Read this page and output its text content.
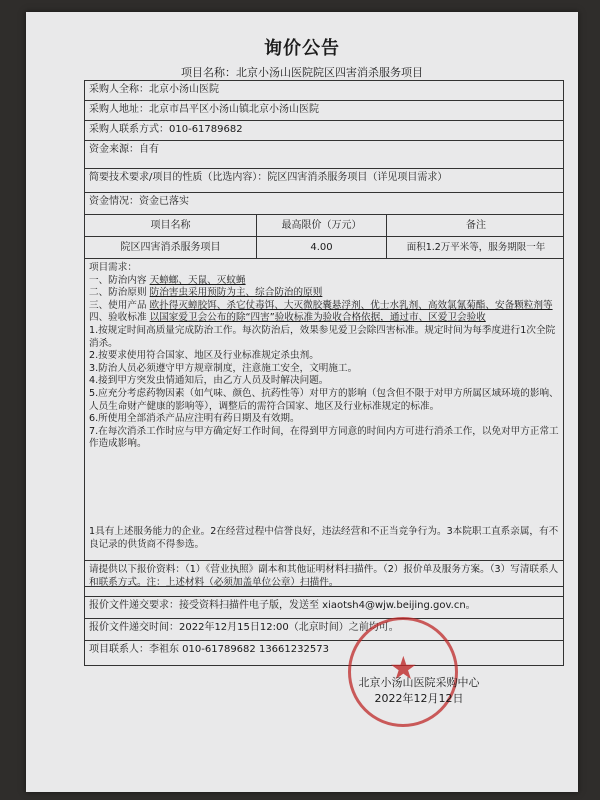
询价公告
项目名称：北京小汤山医院院区四害消杀服务项目
采购人全称：北京小汤山医院
采购人地址：北京市昌平区小汤山镇北京小汤山医院
采购人联系方式：010-61789682
资金来源：自有
简要技术要求/项目的性质（比选内容）：院区四害消杀服务项目（详见项目需求）
资金情况：资金已落实
项目名称	最高限价（万元）	备注
院区四害消杀服务项目	4.00	面积1.2万平米等，服务期限一年

项目需求：

一、防治内容 天蟑螂、天鼠、灭蚊蝇

二、防治原则 防治害虫采用预防为主、综合防治的原则

三、使用产品 欧扑得灭蟑胶饵、杀它仗毒饵、大灭微胶囊悬浮剂、优士水乳剂、高效氯氰菊酯、安备颗粒剂等

四、验收标准 以国家爱卫会公布的除“四害”验收标准为验收合格依据，通过市、区爱卫会验收

1.按规定时间高质量完成防治工作。每次防治后，效果参见爱卫会除四害标准。规定时间为每季度进行1次全院消杀。

2.按要求使用符合国家、地区及行业标准规定杀虫剂。

3.防治人员必须遵守甲方规章制度，注意施工安全，文明施工。

4.接到甲方突发虫情通知后，由乙方人员及时解决问题。

5.应充分考虑药物因素（如气味、颜色、抗药性等）对甲方的影响（包含但不限于对甲方所属区域环境的影响、人员生命财产健康的影响等），调整后的需符合国家、地区及行业标准规定的标准。

6.所使用全部消杀产品应注明有药日期及有效期。

7.在每次消杀工作时应与甲方确定好工作时间，在得到甲方同意的时间内方可进行消杀工作，以免对甲方正常工作造成影响。

1具有上述服务能力的企业。2在经营过程中信誉良好，违法经营和不正当竞争行为。3本院职工直系亲属，有不良记录的供货商不得参选。
请提供以下报价资料：（1）《营业执照》副本和其他证明材料扫描件。（2）报价单及服务方案。（3）写清联系人和联系方式。注：上述材料（必须加盖单位公章）扫描件。
报价文件递交要求：接受资料扫描件电子版，发送至 xiaotsh4@wjw.beijing.gov.cn。
报价文件递交时间：2022年12月15日12:00（北京时间）之前均可。
项目联系人：李祖东 010-61789682 13661232573	★
北京小汤山医院采购中心
2022年12月12日
